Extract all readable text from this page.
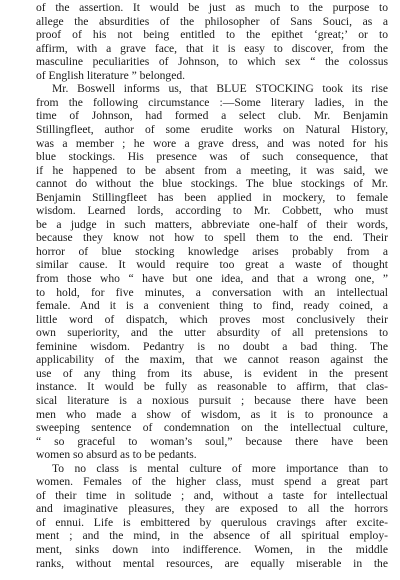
of the assertion. It would be just as much to the purpose to
allege the absurdities of the philosopher of Sans Souci, as a
proof of his not being entitled to the epithet ‘great;’ or to
affirm, with a grave face, that it is easy to discover, from the
masculine peculiarities of Johnson, to which sex “ the colossus
of English literature ” belonged.
Mr. Boswell informs us, that BLUE STOCKING took its rise
from the following circumstance :—Some literary ladies, in the
time of Johnson, had formed a select club. Mr. Benjamin
Stillingfleet, author of some erudite works on Natural History,
was a member ; he wore a grave dress, and was noted for his
blue stockings. His presence was of such consequence, that
if he happened to be absent from a meeting, it was said, we
cannot do without the blue stockings. The blue stockings of Mr.
Benjamin Stillingfleet has been applied in mockery, to female
wisdom. Learned lords, according to Mr. Cobbett, who must
be a judge in such matters, abbreviate one-half of their words,
because they know not how to spell them to the end. Their
horror of blue stocking knowledge arises probably from a
similar cause. It would require too great a waste of thought
from those who “ have but one idea, and that a wrong one, ”
to hold, for five minutes, a conversation with an intellectual
female. And it is a convenient thing to find, ready coined, a
little word of dispatch, which proves most conclusively their
own superiority, and the utter absurdity of all pretensions to
feminine wisdom. Pedantry is no doubt a bad thing. The
applicability of the maxim, that we cannot reason against the
use of any thing from its abuse, is evident in the present
instance. It would be fully as reasonable to affirm, that clas-
sical literature is a noxious pursuit ; because there have been
men who made a show of wisdom, as it is to pronounce a
sweeping sentence of condemnation on the intellectual culture,
“ so graceful to woman’s soul,” because there have been
women so absurd as to be pedants.
To no class is mental culture of more importance than to
women. Females of the higher class, must spend a great part
of their time in solitude ; and, without a taste for intellectual
and imaginative pleasures, they are exposed to all the horrors
of ennui. Life is embittered by querulous cravings after excite-
ment ; and the mind, in the absence of all spiritual employ-
ment, sinks down into indifference. Women, in the middle
ranks, without mental resources, are equally miserable in the
